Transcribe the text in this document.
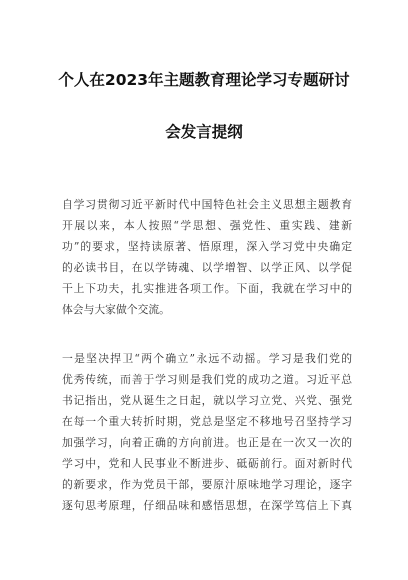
个人在2023年主题教育理论学习专题研讨
会发言提纲
自学习贯彻习近平新时代中国特色社会主义思想主题教育
开展以来，本人按照“学思想、强党性、重实践、建新
功”的要求，坚持读原著、悟原理，深入学习党中央确定
的必读书目，在以学铸魂、以学增智、以学正风、以学促
干上下功夫，扎实推进各项工作。下面，我就在学习中的
体会与大家做个交流。
一是坚决捍卫“两个确立”永远不动摇。学习是我们党的
优秀传统，而善于学习则是我们党的成功之道。习近平总
书记指出，党从诞生之日起，就以学习立党、兴党、强党
在每一个重大转折时期，党总是坚定不移地号召坚持学习
加强学习，向着正确的方向前进。也正是在一次又一次的
学习中，党和人民事业不断进步、砥砺前行。面对新时代
的新要求，作为党员干部，要原汁原味地学习理论，逐字
逐句思考原理，仔细品味和感悟思想，在深学笃信上下真
